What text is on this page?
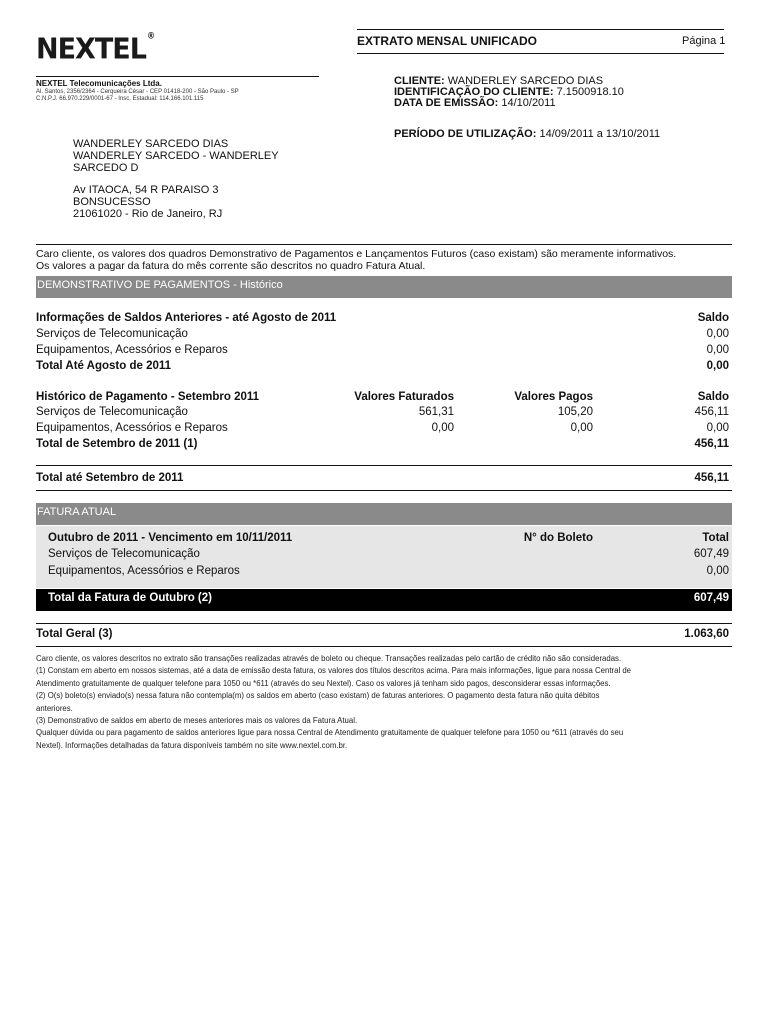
NEXTEL®	EXTRATO MENSAL UNIFICADO	Página 1
NEXTEL Telecomunicações Ltda.
Al. Santos, 2356/2364 - Cerqueira César - CEP 01418-200 - São Paulo - SP
C.N.P.J. 66.970.229/0001-67 - Insc. Estadual: 114.166.101.115
CLIENTE: WANDERLEY SARCEDO DIAS
IDENTIFICAÇÃO DO CLIENTE: 7.1500918.10
DATA DE EMISSÃO: 14/10/2011
PERÍODO DE UTILIZAÇÃO: 14/09/2011 a 13/10/2011
WANDERLEY SARCEDO DIAS
WANDERLEY SARCEDO - WANDERLEY
SARCEDO D
Av ITAOCA, 54 R PARAISO 3
BONSUCESSO
21061020 - Rio de Janeiro, RJ
Caro cliente, os valores dos quadros Demonstrativo de Pagamentos e Lançamentos Futuros (caso existam) são meramente informativos.
Os valores a pagar da fatura do mês corrente são descritos no quadro Fatura Atual.
DEMONSTRATIVO DE PAGAMENTOS - Histórico
Informações de Saldos Anteriores - até Agosto de 2011	Saldo
Serviços de Telecomunicação	0,00
Equipamentos, Acessórios e Reparos	0,00
Total Até Agosto de 2011	0,00
Histórico de Pagamento - Setembro 2011	Valores Faturados	Valores Pagos	Saldo
Serviços de Telecomunicação	561,31	105,20	456,11
Equipamentos, Acessórios e Reparos	0,00	0,00	0,00
Total de Setembro de 2011 (1)	456,11
Total até Setembro de 2011	456,11
FATURA ATUAL
Outubro de 2011 - Vencimento em 10/11/2011	N° do Boleto	Total
Serviços de Telecomunicação	607,49
Equipamentos, Acessórios e Reparos	0,00
Total da Fatura de Outubro (2)	607,49
Total Geral (3)	1.063,60
Caro cliente, os valores descritos no extrato são transações realizadas através de boleto ou cheque. Transações realizadas pelo cartão de crédito não são consideradas.
(1) Constam em aberto em nossos sistemas, até a data de emissão desta fatura, os valores dos títulos descritos acima. Para mais informações, ligue para nossa Central de
Atendimento gratuitamente de qualquer telefone para 1050 ou *611 (através do seu Nextel). Caso os valores já tenham sido pagos, desconsiderar essas informações.
(2) O(s) boleto(s) enviado(s) nessa fatura não contempla(m) os saldos em aberto (caso existam) de faturas anteriores. O pagamento desta fatura não quita débitos
anteriores.
(3) Demonstrativo de saldos em aberto de meses anteriores mais os valores da Fatura Atual.
Qualquer dúvida ou para pagamento de saldos anteriores ligue para nossa Central de Atendimento gratuitamente de qualquer telefone para 1050 ou *611 (através do seu
Nextel). Informações detalhadas da fatura disponíveis também no site www.nextel.com.br.
